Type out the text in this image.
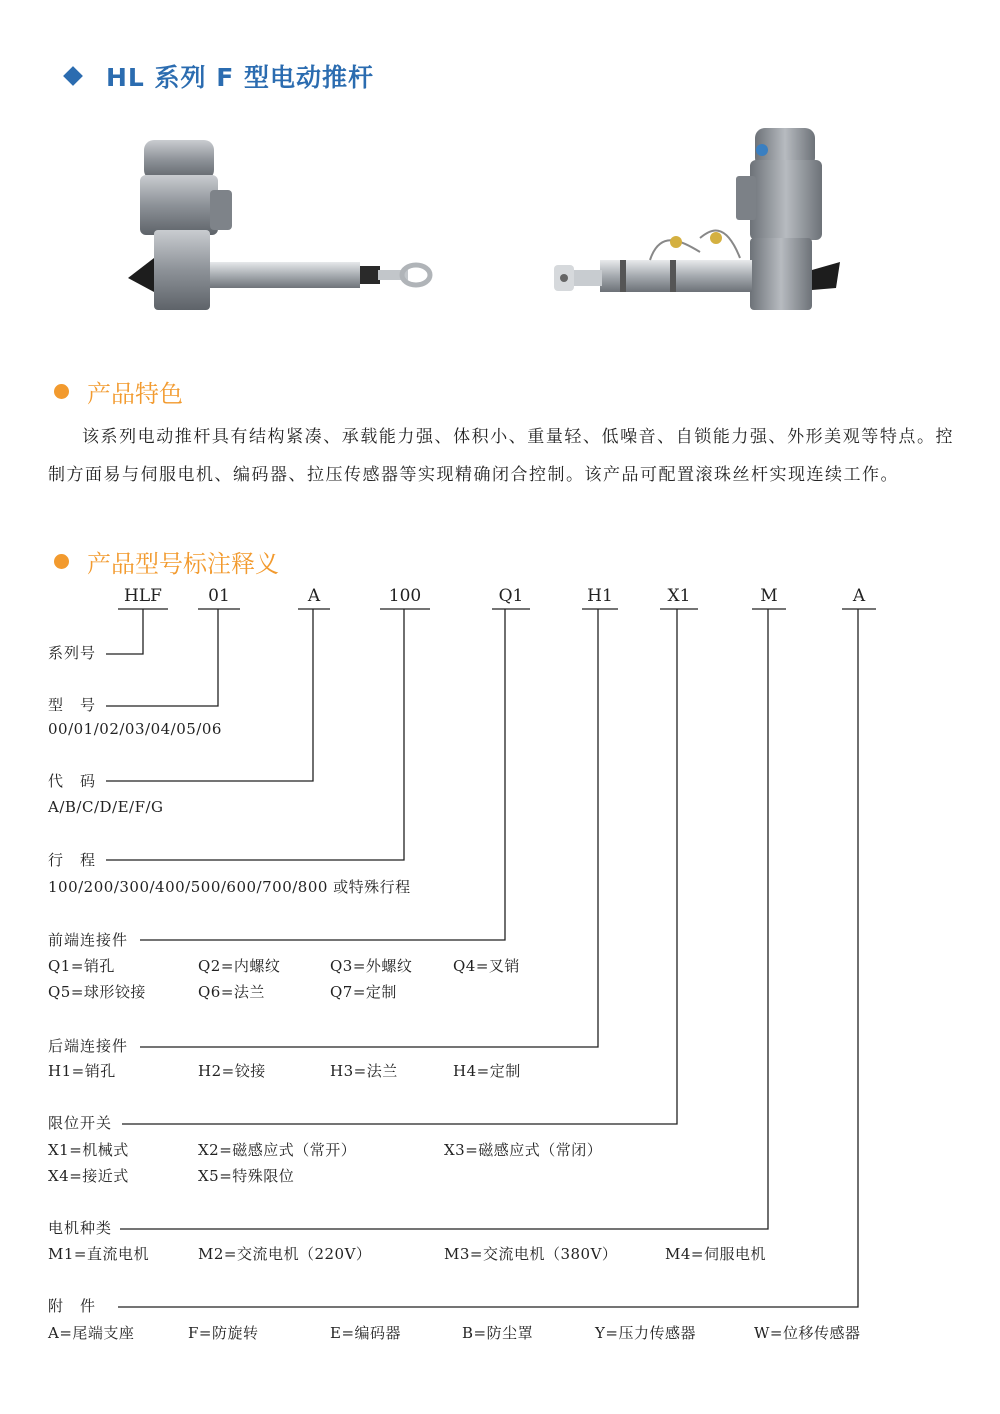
HL 系列 F 型电动推杆
产品特色
该系列电动推杆具有结构紧凑、承载能力强、体积小、重量轻、低噪音、自锁能力强、外形美观等特点。控制方面易与伺服电机、编码器、拉压传感器等实现精确闭合控制。该产品可配置滚珠丝杆实现连续工作。
产品型号标注释义
HLF	01	A	100	Q1	H1	X1	M	A
系列号
型　号
00/01/02/03/04/05/06
代　码
A/B/C/D/E/F/G
行　程
100/200/300/400/500/600/700/800 或特殊行程
前端连接件
Q1=销孔	Q2=内螺纹	Q3=外螺纹	Q4=叉销
Q5=球形铰接	Q6=法兰	Q7=定制
后端连接件
H1=销孔	H2=铰接	H3=法兰	H4=定制
限位开关
X1=机械式	X2=磁感应式（常开）	X3=磁感应式（常闭）
X4=接近式	X5=特殊限位
电机种类
M1=直流电机	M2=交流电机（220V）	M3=交流电机（380V）	M4=伺服电机
附　件
A=尾端支座	F=防旋转	E=编码器	B=防尘罩	Y=压力传感器	W=位移传感器
